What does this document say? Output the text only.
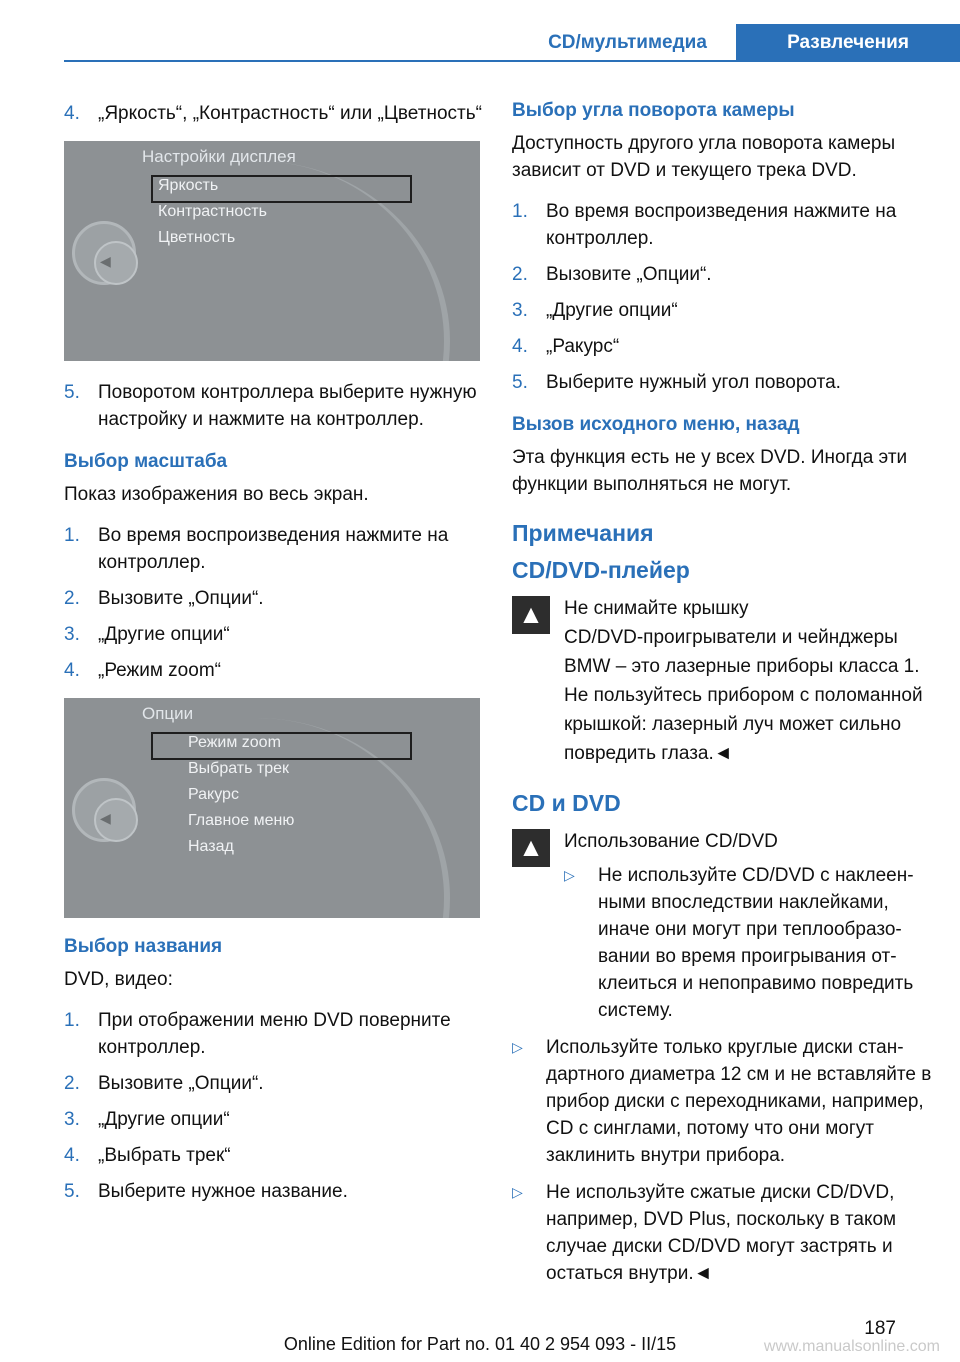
CD/мультимедиа	Развлечения
4. „Яркость“, „Контрастность“ или „Цветность“
Настройки дисплея
Яркость
Контрастность
Цветность
◀
5. Поворотом контроллера выберите нужную настройку и нажмите на контроллер.
Выбор масштаба
Показ изображения во весь экран.
1. Во время воспроизведения нажмите на контроллер.
2. Вызовите „Опции“.
3. „Другие опции“
4. „Режим zoom“
Опции
Режим zoom
Выбрать трек
Ракурс
Главное меню
Назад
◀
Выбор названия
DVD, видео:
1. При отображении меню DVD поверните контроллер.
2. Вызовите „Опции“.
3. „Другие опции“
4. „Выбрать трек“
5. Выберите нужное название.
Выбор угла поворота камеры
Доступность другого угла поворота камеры зависит от DVD и текущего трека DVD.
1. Во время воспроизведения нажмите на контроллер.
2. Вызовите „Опции“.
3. „Другие опции“
4. „Ракурс“
5. Выберите нужный угол поворота.
Вызов исходного меню, назад
Эта функция есть не у всех DVD. Иногда эти функции выполняться не могут.
Примечания
CD/DVD-плейер
▲	Не снимайте крышку
CD/DVD-проигрыватели и чейнджеры BMW – это лазерные приборы класса 1. Не пользуйтесь прибором с поломанной крышкой: лазерный луч может сильно повредить глаза.◄
CD и DVD
▲	Использование CD/DVD
▷ Не используйте CD/DVD с наклеенными впоследствии наклейками, иначе они могут при теплообразовании во время проигрывания отклеиться и непоправимо повредить систему.
▷ Используйте только круглые диски стандартного диаметра 12 см и не вставляйте в прибор диски с переходниками, например, CD с синглами, потому что они могут заклинить внутри прибора.
▷ Не используйте сжатые диски CD/DVD, например, DVD Plus, поскольку в таком случае диски CD/DVD могут застрять и остаться внутри.◄
187
Online Edition for Part no. 01 40 2 954 093 - II/15	www.manualsonline.com
